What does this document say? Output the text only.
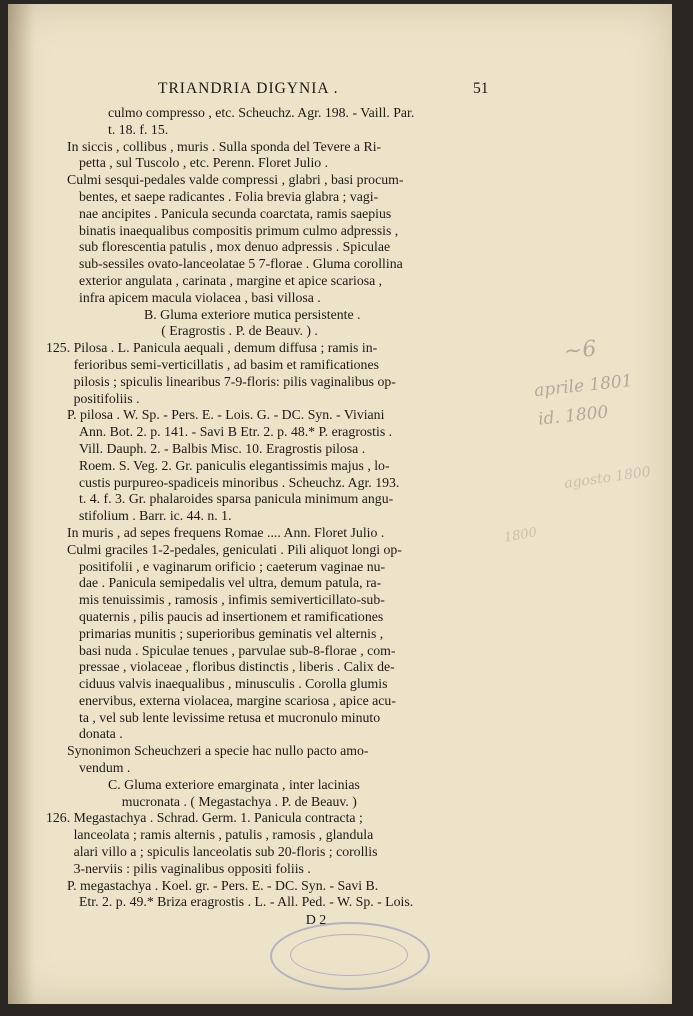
TRIANDRIA DIGYNIA .	51
culmo compresso , etc. Scheuchz. Agr. 198. - Vaill. Par.
t. 18. f. 15.
In siccis , collibus , muris . Sulla sponda del Tevere a Ri-
petta , sul Tuscolo , etc. Perenn. Floret Julio .
Culmi sesqui-pedales valde compressi , glabri , basi procum-
bentes, et saepe radicantes . Folia brevia glabra ; vagi-
nae ancipites . Panicula secunda coarctata, ramis saepius
binatis inaequalibus compositis primum culmo adpressis ,
sub florescentia patulis , mox denuo adpressis . Spiculae
sub-sessiles ovato-lanceolatae 5 7-florae . Gluma corollina
exterior angulata , carinata , margine et apice scariosa ,
infra apicem macula violacea , basi villosa .
B. Gluma exteriore mutica persistente .
( Eragrostis . P. de Beauv. ) .
125. Pilosa . L. Panicula aequali , demum diffusa ; ramis in-
ferioribus semi-verticillatis , ad basim et ramificationes
pilosis ; spiculis linearibus 7-9-floris: pilis vaginalibus op-
positifoliis .
P. pilosa . W. Sp. - Pers. E. - Lois. G. - DC. Syn. - Viviani
Ann. Bot. 2. p. 141. - Savi B Etr. 2. p. 48.* P. eragrostis .
Vill. Dauph. 2. - Balbis Misc. 10. Eragrostis pilosa .
Roem. S. Veg. 2. Gr. paniculis elegantissimis majus , lo-
custis purpureo-spadiceis minoribus . Scheuchz. Agr. 193.
t. 4. f. 3. Gr. phalaroides sparsa panicula minimum angu-
stifolium . Barr. ic. 44. n. 1.
In muris , ad sepes frequens Romae .... Ann. Floret Julio .
Culmi graciles 1-2-pedales, geniculati . Pili aliquot longi op-
positifolii , e vaginarum orificio ; caeterum vaginae nu-
dae . Panicula semipedalis vel ultra, demum patula, ra-
mis tenuissimis , ramosis , infimis semiverticillato-sub-
quaternis , pilis paucis ad insertionem et ramificationes
primarias munitis ; superioribus geminatis vel alternis ,
basi nuda . Spiculae tenues , parvulae sub-8-florae , com-
pressae , violaceae , floribus distinctis , liberis . Calix de-
ciduus valvis inaequalibus , minusculis . Corolla glumis
enervibus, externa violacea, margine scariosa , apice acu-
ta , vel sub lente levissime retusa et mucronulo minuto
donata .
Synonimon Scheuchzeri a specie hac nullo pacto amo-
vendum .
C. Gluma exteriore emarginata , inter lacinias
mucronata . ( Megastachya . P. de Beauv. )
126. Megastachya . Schrad. Germ. 1. Panicula contracta ;
lanceolata ; ramis alternis , patulis , ramosis , glandula
alari villo a ; spiculis lanceolatis sub 20-floris ; corollis
3-nerviis : pilis vaginalibus oppositi foliis .
P. megastachya . Koel. gr. - Pers. E. - DC. Syn. - Savi B.
Etr. 2. p. 49.* Briza eragrostis . L. - All. Ped. - W. Sp. - Lois.
D 2
~6
aprile 1801
id. 1800
agosto 1800
1800
